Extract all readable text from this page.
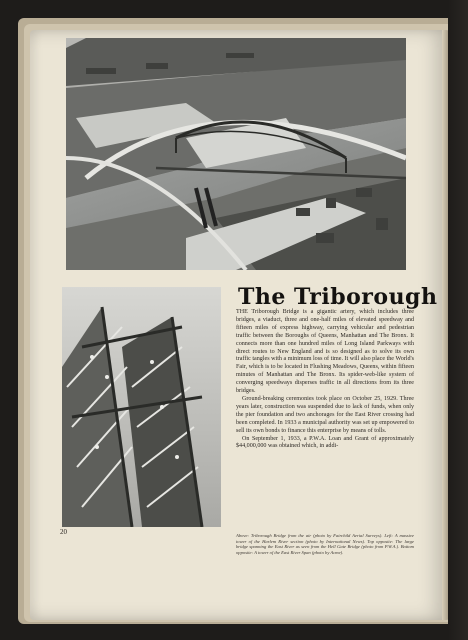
The Triborough

THE Triborough Bridge is a gigantic artery, which includes three bridges, a viaduct, three and one-half miles of elevated speedway and fifteen miles of express highway, carrying vehicular and pedestrian traffic between the Boroughs of Queens, Manhattan and The Bronx. It connects more than one hundred miles of Long Island Parkways with direct routes to New England and is so designed as to solve its own traffic tangles with a minimum loss of time. It will also place the World's Fair, which is to be located in Flushing Meadows, Queens, within fifteen minutes of Manhattan and The Bronx. Its spider-web-like system of converging speedways disperses traffic in all directions from its three bridges.

Ground-breaking ceremonies took place on October 25, 1929. Three years later, construction was suspended due to lack of funds, when only the pier foundation and two anchorages for the East River crossing had been completed. In 1933 a municipal authority was set up empowered to sell its own bonds to finance this enterprise by means of tolls.

On September 1, 1933, a P.W.A. Loan and Grant of approximately $44,000,000 was obtained which, in addi-

Above: Triborough Bridge from the air (photo by Fairchild Aerial Surveys). Left: A massive tower of the Harlem River section (photo by International News). Top opposite: The large bridge spanning the East River as seen from the Hell Gate Bridge (photo from P.W.A.). Bottom opposite: A tower of the East River Span (photo by Acme).
20
